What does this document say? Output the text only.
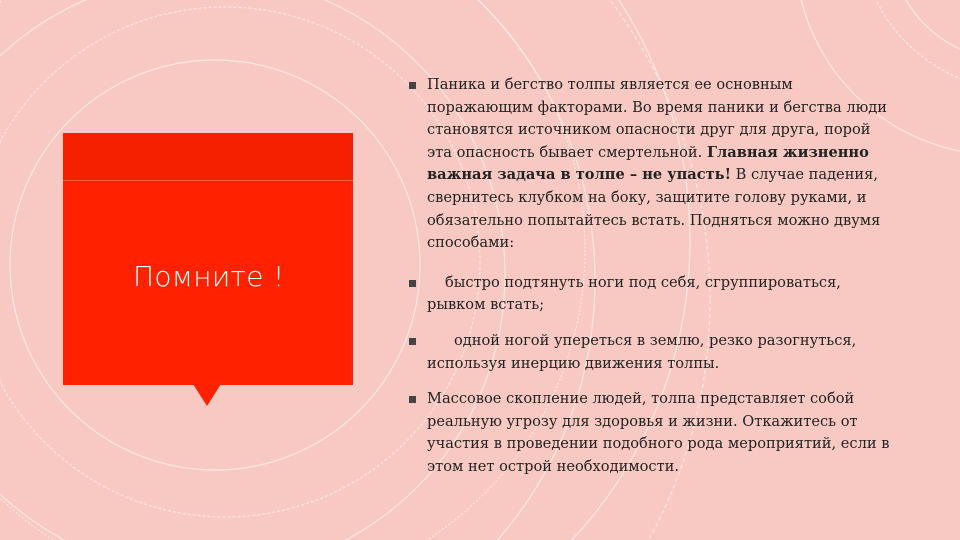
Помните !

Паника и бегство толпы является ее основным поражающим факторами. Во время паники и бегства люди становятся источником опасности друг для друга, порой эта опасность бывает смертельной. Главная жизненно важная задача в толпе – не упасть! В случае падения, свернитесь клубком на боку, защитите голову руками, и обязательно попытайтесь встать. Подняться можно двумя способами:

быстро подтянуть ноги под себя, сгруппироваться, рывком встать;

одной ногой упереться в землю, резко разогнуться, используя инерцию движения толпы.

Массовое скопление людей, толпа представляет собой реальную угрозу для здоровья и жизни. Откажитесь от участия в проведении подобного рода мероприятий, если в этом нет острой необходимости.
